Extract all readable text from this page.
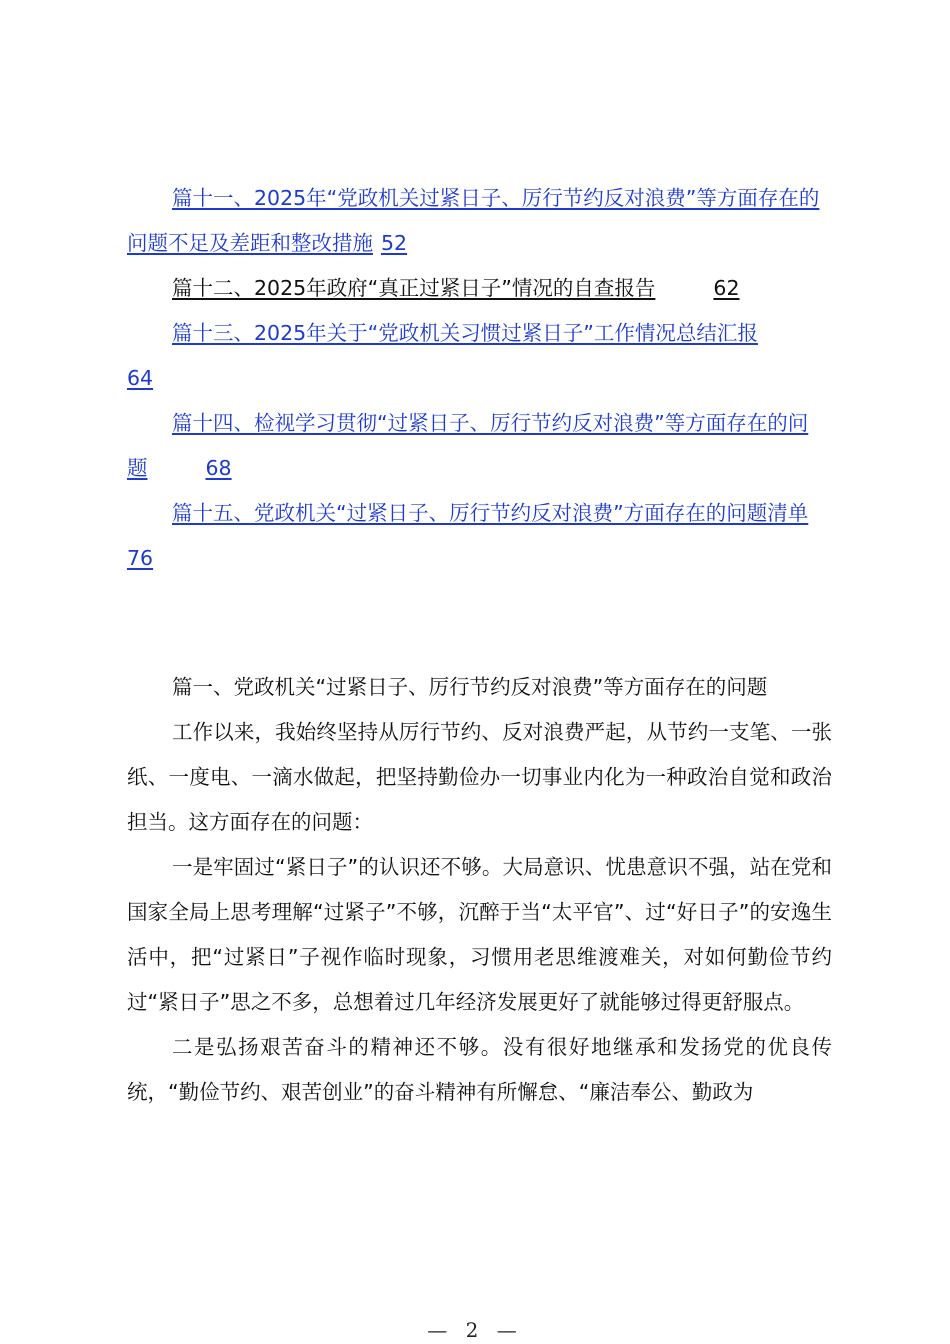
篇十一、2025年“党政机关过紧日子、厉行节约反对浪费”等方面存在的问题不足及差距和整改措施 52
篇十二、2025年政府“真正过紧日子”情况的自查报告	62
篇十三、2025年关于“党政机关习惯过紧日子”工作情况总结汇报64
篇十四、检视学习贯彻“过紧日子、厉行节约反对浪费”等方面存在的问题	68
篇十五、党政机关“过紧日子、厉行节约反对浪费”方面存在的问题清单76

篇一、党政机关“过紧日子、厉行节约反对浪费”等方面存在的问题

工作以来，我始终坚持从厉行节约、反对浪费严起，从节约一支笔、一张纸、一度电、一滴水做起，把坚持勤俭办一切事业内化为一种政治自觉和政治担当。这方面存在的问题：

一是牢固过“紧日子”的认识还不够。大局意识、忧患意识不强，站在党和国家全局上思考理解“过紧子”不够，沉醉于当“太平官”、过“好日子”的安逸生活中，把“过紧日”子视作临时现象，习惯用老思维渡难关，对如何勤俭节约过“紧日子”思之不多，总想着过几年经济发展更好了就能够过得更舒服点。

二是弘扬艰苦奋斗的精神还不够。没有很好地继承和发扬党的优良传统，“勤俭节约、艰苦创业”的奋斗精神有所懈怠、“廉洁奉公、勤政为

— 2 —
